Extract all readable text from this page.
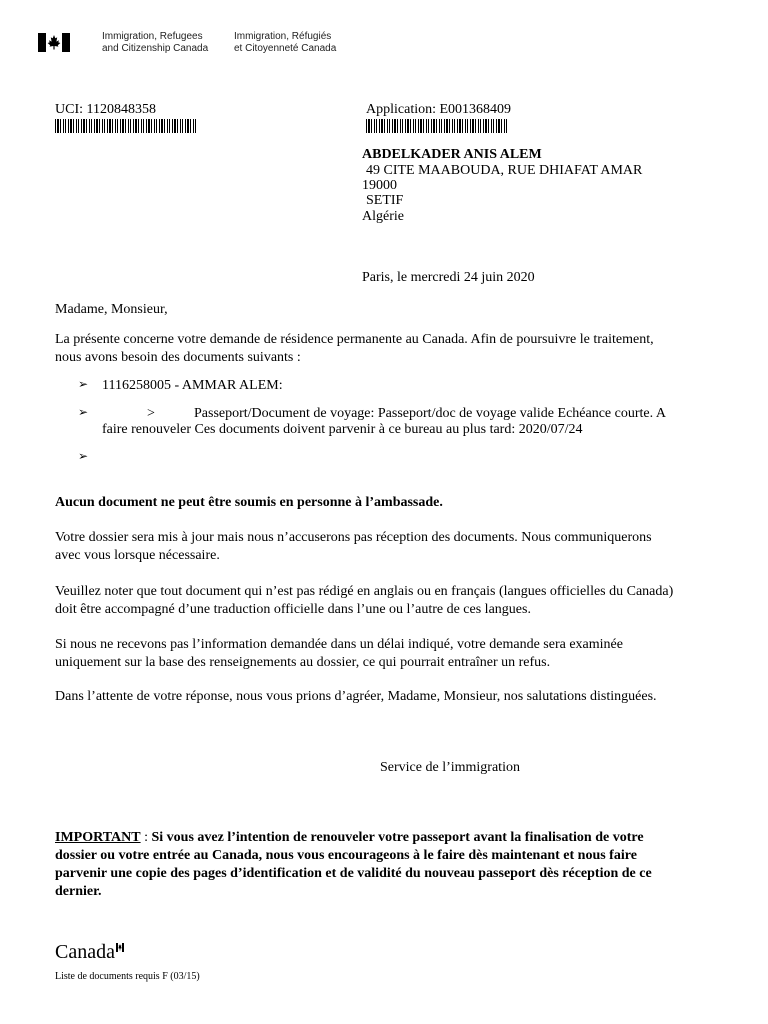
Immigration, Refugees
and Citizenship Canada
Immigration, Réfugiés
et Citoyenneté Canada
UCI: 1120848358	Application: E001368409
ABDELKADER ANIS ALEM
49 CITE MAABOUDA, RUE DHIAFAT AMAR
19000
SETIF
Algérie
Paris, le mercredi 24 juin 2020
Madame, Monsieur,
La présente concerne votre demande de résidence permanente au Canada. Afin de poursuivre le traitement,
nous avons besoin des documents suivants :
➢ 1116258005 - AMMAR ALEM:
➢	>	Passeport/Document de voyage: Passeport/doc de voyage valide Echéance courte. A
faire renouveler Ces documents doivent parvenir à ce bureau au plus tard: 2020/07/24
➢
Aucun document ne peut être soumis en personne à l’ambassade.
Votre dossier sera mis à jour mais nous n’accuserons pas réception des documents. Nous communiquerons
avec vous lorsque nécessaire.
Veuillez noter que tout document qui n’est pas rédigé en anglais ou en français (langues officielles du Canada)
doit être accompagné d’une traduction officielle dans l’une ou l’autre de ces langues.
Si nous ne recevons pas l’information demandée dans un délai indiqué, votre demande sera examinée
uniquement sur la base des renseignements au dossier, ce qui pourrait entraîner un refus.
Dans l’attente de votre réponse, nous vous prions d’agréer, Madame, Monsieur, nos salutations distinguées.
Service de l’immigration
IMPORTANT : Si vous avez l’intention de renouveler votre passeport avant la finalisation de votre
dossier ou votre entrée au Canada, nous vous encourageons à le faire dès maintenant et nous faire
parvenir une copie des pages d’identification et de validité du nouveau passeport dès réception de ce
dernier.
Canada
Liste de documents requis F (03/15)
